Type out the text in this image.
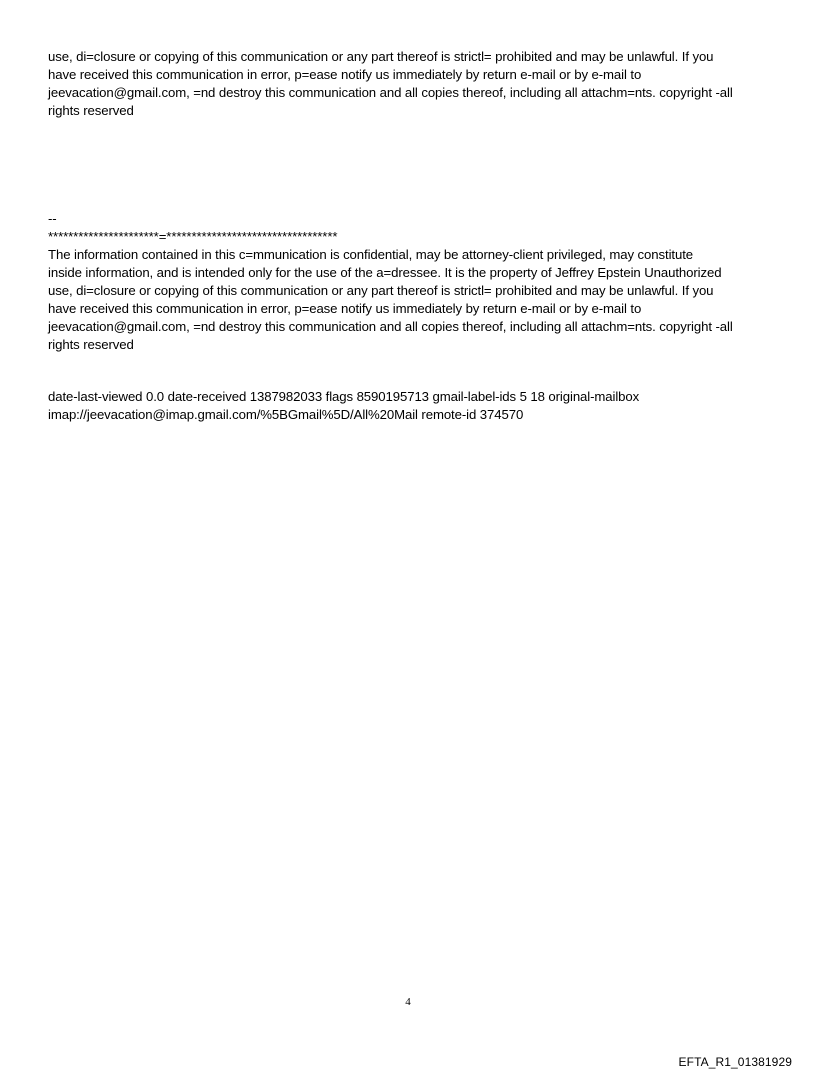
use, di=closure or copying of this communication or any part thereof is strictl= prohibited and may be unlawful. If you
have received this communication in error, p=ease notify us immediately by return e-mail or by e-mail to
jeevacation@gmail.com, =nd destroy this communication and all copies thereof, including all attachm=nts. copyright -all
rights reserved
--
**********************=**********************************
The information contained in this c=mmunication is confidential, may be attorney-client privileged, may constitute
inside information, and is intended only for the use of the a=dressee. It is the property of Jeffrey Epstein Unauthorized
use, di=closure or copying of this communication or any part thereof is strictl= prohibited and may be unlawful. If you
have received this communication in error, p=ease notify us immediately by return e-mail or by e-mail to
jeevacation@gmail.com, =nd destroy this communication and all copies thereof, including all attachm=nts. copyright -all
rights reserved
date-last-viewed 0.0 date-received 1387982033 flags 8590195713 gmail-label-ids 5 18 original-mailbox
imap://jeevacation@imap.gmail.com/%5BGmail%5D/All%20Mail remote-id 374570
4
EFTA_R1_01381929
